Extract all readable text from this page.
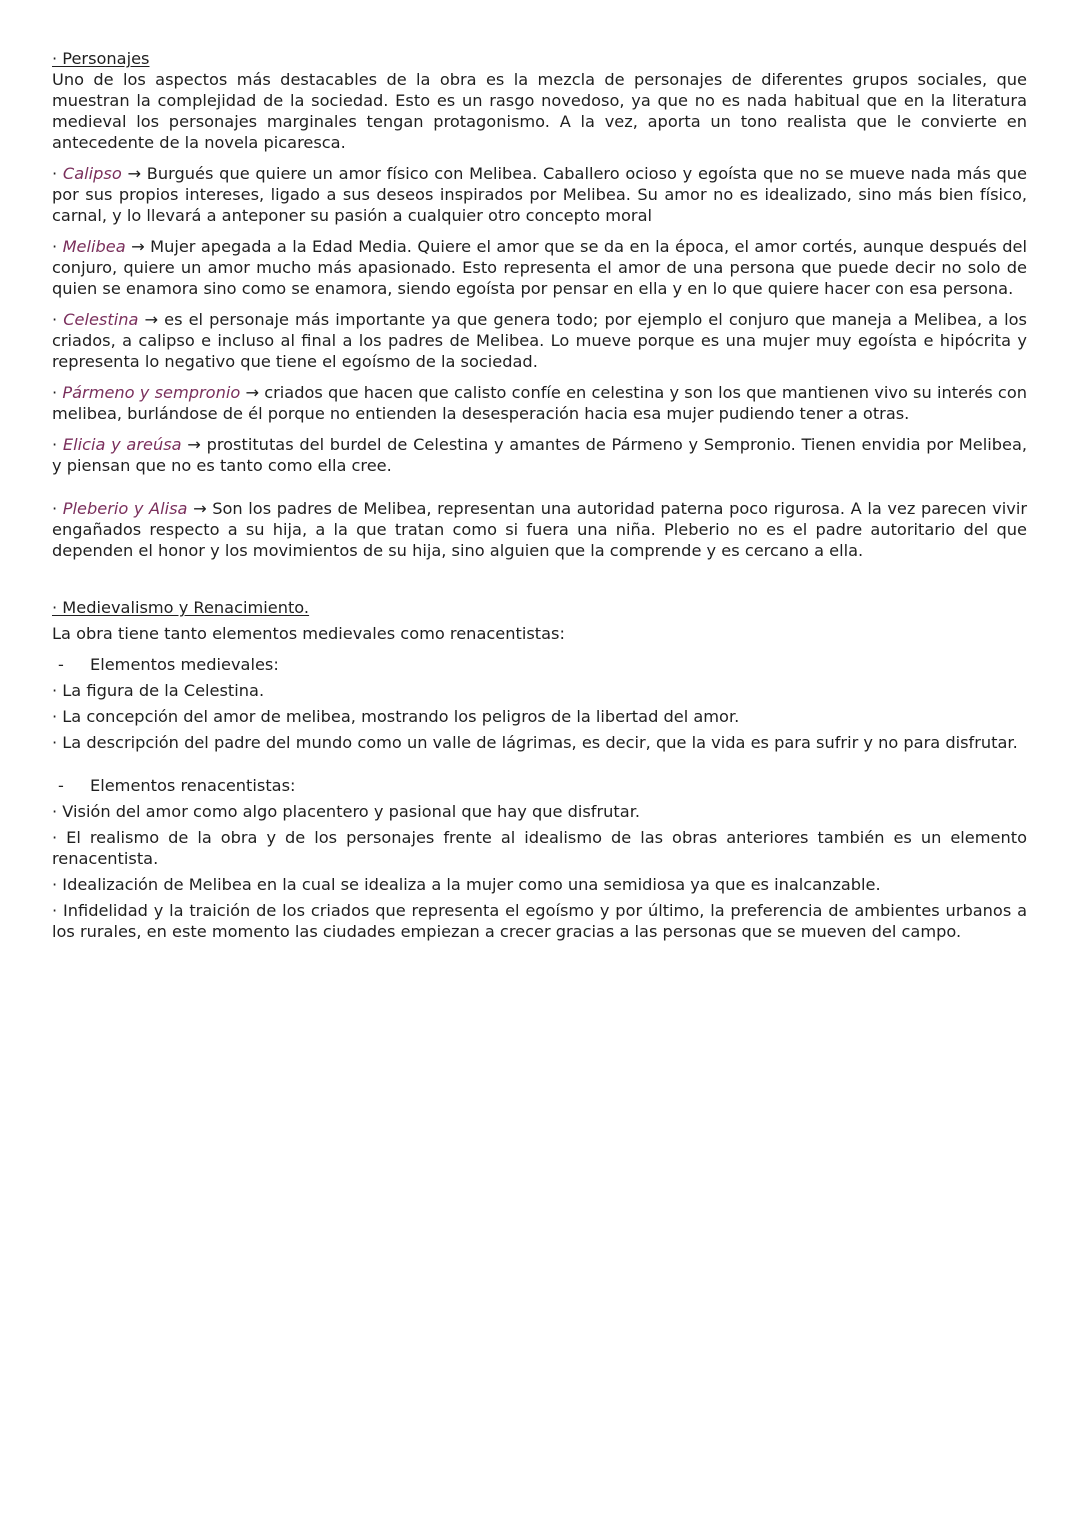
· Personajes

Uno de los aspectos más destacables de la obra es la mezcla de personajes de diferentes grupos sociales, que muestran la complejidad de la sociedad. Esto es un rasgo novedoso, ya que no es nada habitual que en la literatura medieval los personajes marginales tengan protagonismo. A la vez, aporta un tono realista que le convierte en antecedente de la novela picaresca.

· Calipso → Burgués que quiere un amor físico con Melibea. Caballero ocioso y egoísta que no se mueve nada más que por sus propios intereses, ligado a sus deseos inspirados por Melibea. Su amor no es idealizado, sino más bien físico, carnal, y lo llevará a anteponer su pasión a cualquier otro concepto moral

· Melibea → Mujer apegada a la Edad Media. Quiere el amor que se da en la época, el amor cortés, aunque después del conjuro, quiere un amor mucho más apasionado. Esto representa el amor de una persona que puede decir no solo de quien se enamora sino como se enamora, siendo egoísta por pensar en ella y en lo que quiere hacer con esa persona.

· Celestina → es el personaje más importante ya que genera todo; por ejemplo el conjuro que maneja a Melibea, a los criados, a calipso e incluso al final a los padres de Melibea. Lo mueve porque es una mujer muy egoísta e hipócrita y representa lo negativo que tiene el egoísmo de la sociedad.

· Pármeno y sempronio → criados que hacen que calisto confíe en celestina y son los que mantienen vivo su interés con melibea, burlándose de él porque no entienden la desesperación hacia esa mujer pudiendo tener a otras.

· Elicia y areúsa → prostitutas del burdel de Celestina y amantes de Pármeno y Sempronio. Tienen envidia por Melibea, y piensan que no es tanto como ella cree.

· Pleberio y Alisa → Son los padres de Melibea, representan una autoridad paterna poco rigurosa. A la vez parecen vivir engañados respecto a su hija, a la que tratan como si fuera una niña. Pleberio no es el padre autoritario del que dependen el honor y los movimientos de su hija, sino alguien que la comprende y es cercano a ella.

· Medievalismo y Renacimiento.

La obra tiene tanto elementos medievales como renacentistas:

- Elementos medievales:

· La figura de la Celestina.

· La concepción del amor de melibea, mostrando los peligros de la libertad del amor.

· La descripción del padre del mundo como un valle de lágrimas, es decir, que la vida es para sufrir y no para disfrutar.

- Elementos renacentistas:

· Visión del amor como algo placentero y pasional que hay que disfrutar.

· El realismo de la obra y de los personajes frente al idealismo de las obras anteriores también es un elemento renacentista.

· Idealización de Melibea en la cual se idealiza a la mujer como una semidiosa ya que es inalcanzable.

· Infidelidad y la traición de los criados que representa el egoísmo y por último, la preferencia de ambientes urbanos a los rurales, en este momento las ciudades empiezan a crecer gracias a las personas que se mueven del campo.
